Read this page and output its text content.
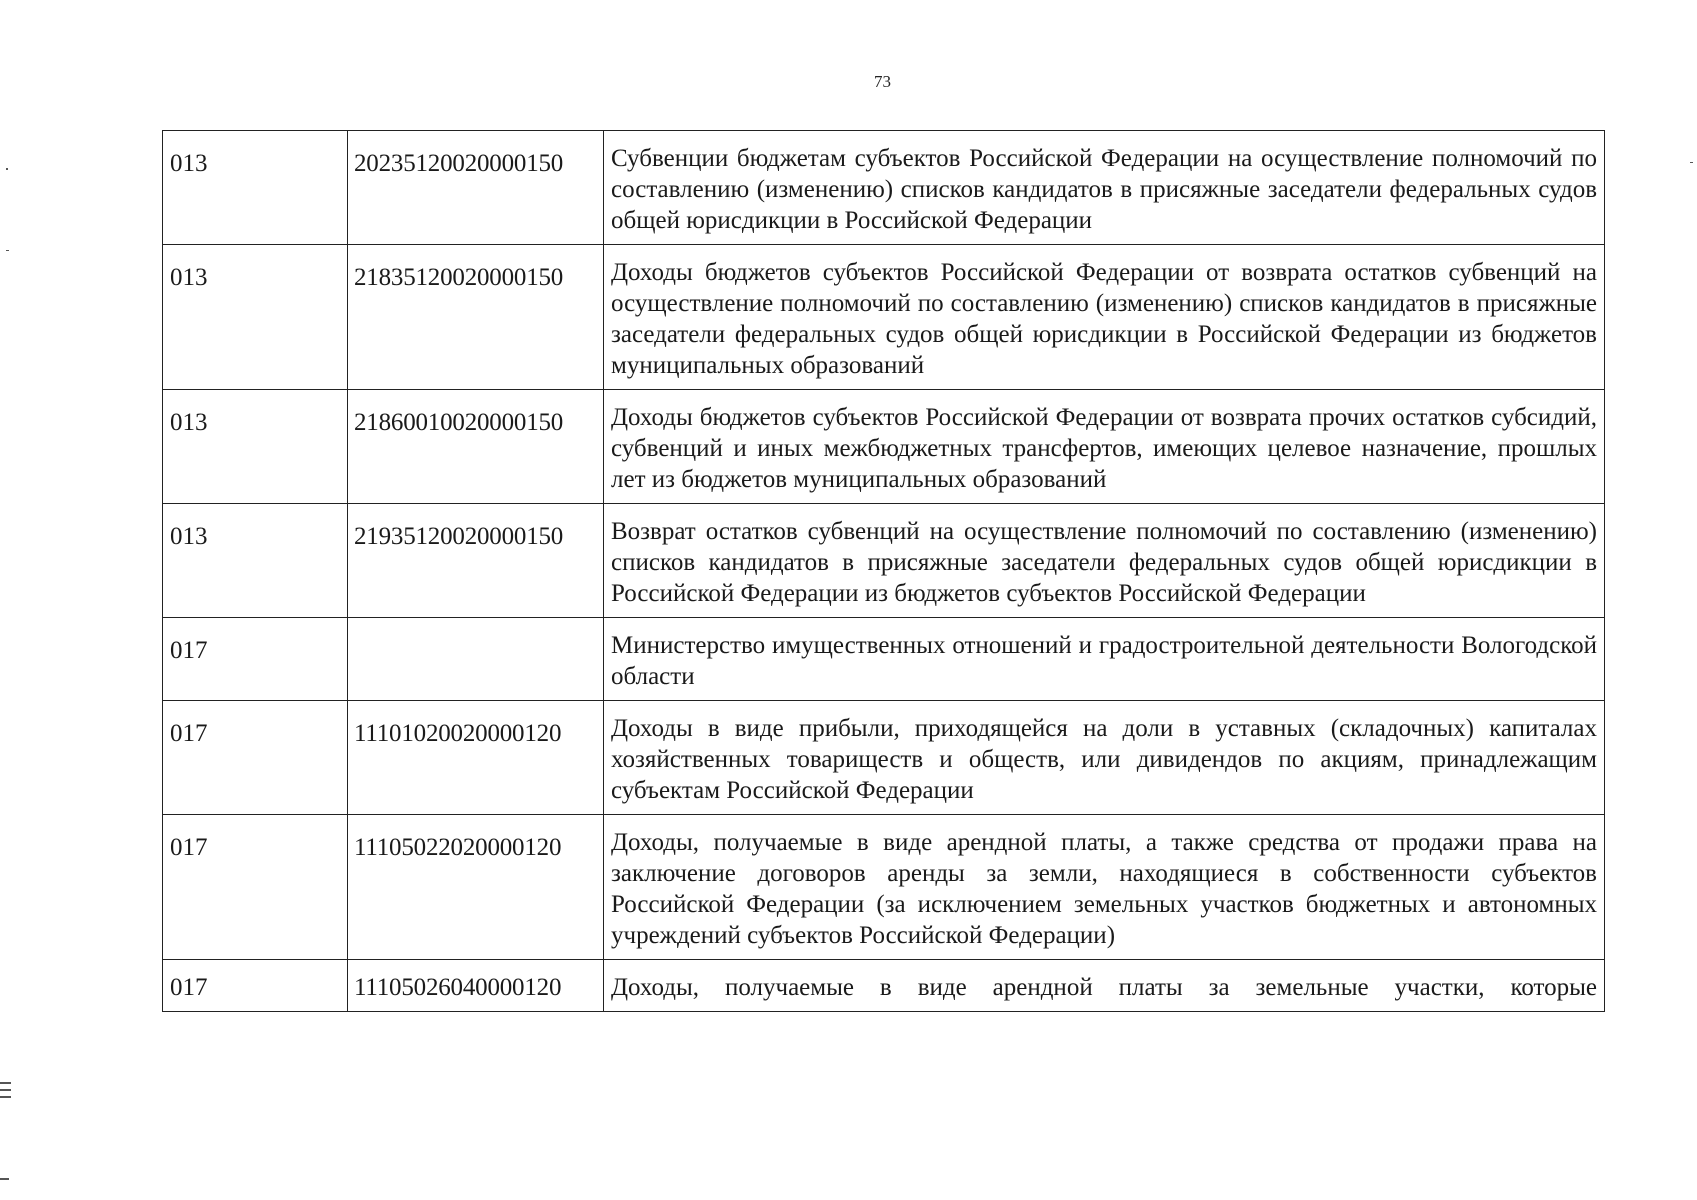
73
013	20235120020000150	Субвенции бюджетам субъектов Российской Федерации на осуществление полномочий по составлению (изменению) списков кандидатов в присяжные заседатели федеральных судов общей юрисдикции в Российской Федерации
013	21835120020000150	Доходы бюджетов субъектов Российской Федерации от возврата остатков субвенций на осуществление полномочий по составлению (изменению) списков кандидатов в присяжные заседатели федеральных судов общей юрисдикции в Российской Федерации из бюджетов муниципальных образований
013	21860010020000150	Доходы бюджетов субъектов Российской Федерации от возврата прочих остатков субсидий, субвенций и иных межбюджетных трансфертов, имеющих целевое назначение, прошлых лет из бюджетов муниципальных образований
013	21935120020000150	Возврат остатков субвенций на осуществление полномочий по составлению (изменению) списков кандидатов в присяжные заседатели федеральных судов общей юрисдикции в Российской Федерации из бюджетов субъектов Российской Федерации
017		Министерство имущественных отношений и градостроительной деятельности Вологодской области
017	11101020020000120	Доходы в виде прибыли, приходящейся на доли в уставных (складочных) капиталах хозяйственных товариществ и обществ, или дивидендов по акциям, принадлежащим субъектам Российской Федерации
017	11105022020000120	Доходы, получаемые в виде арендной платы, а также средства от продажи права на заключение договоров аренды за земли, находящиеся в собственности субъектов Российской Федерации (за исключением земельных участков бюджетных и автономных учреждений субъектов Российской Федерации)
017	11105026040000120	Доходы, получаемые в виде арендной платы за земельные участки, которые
